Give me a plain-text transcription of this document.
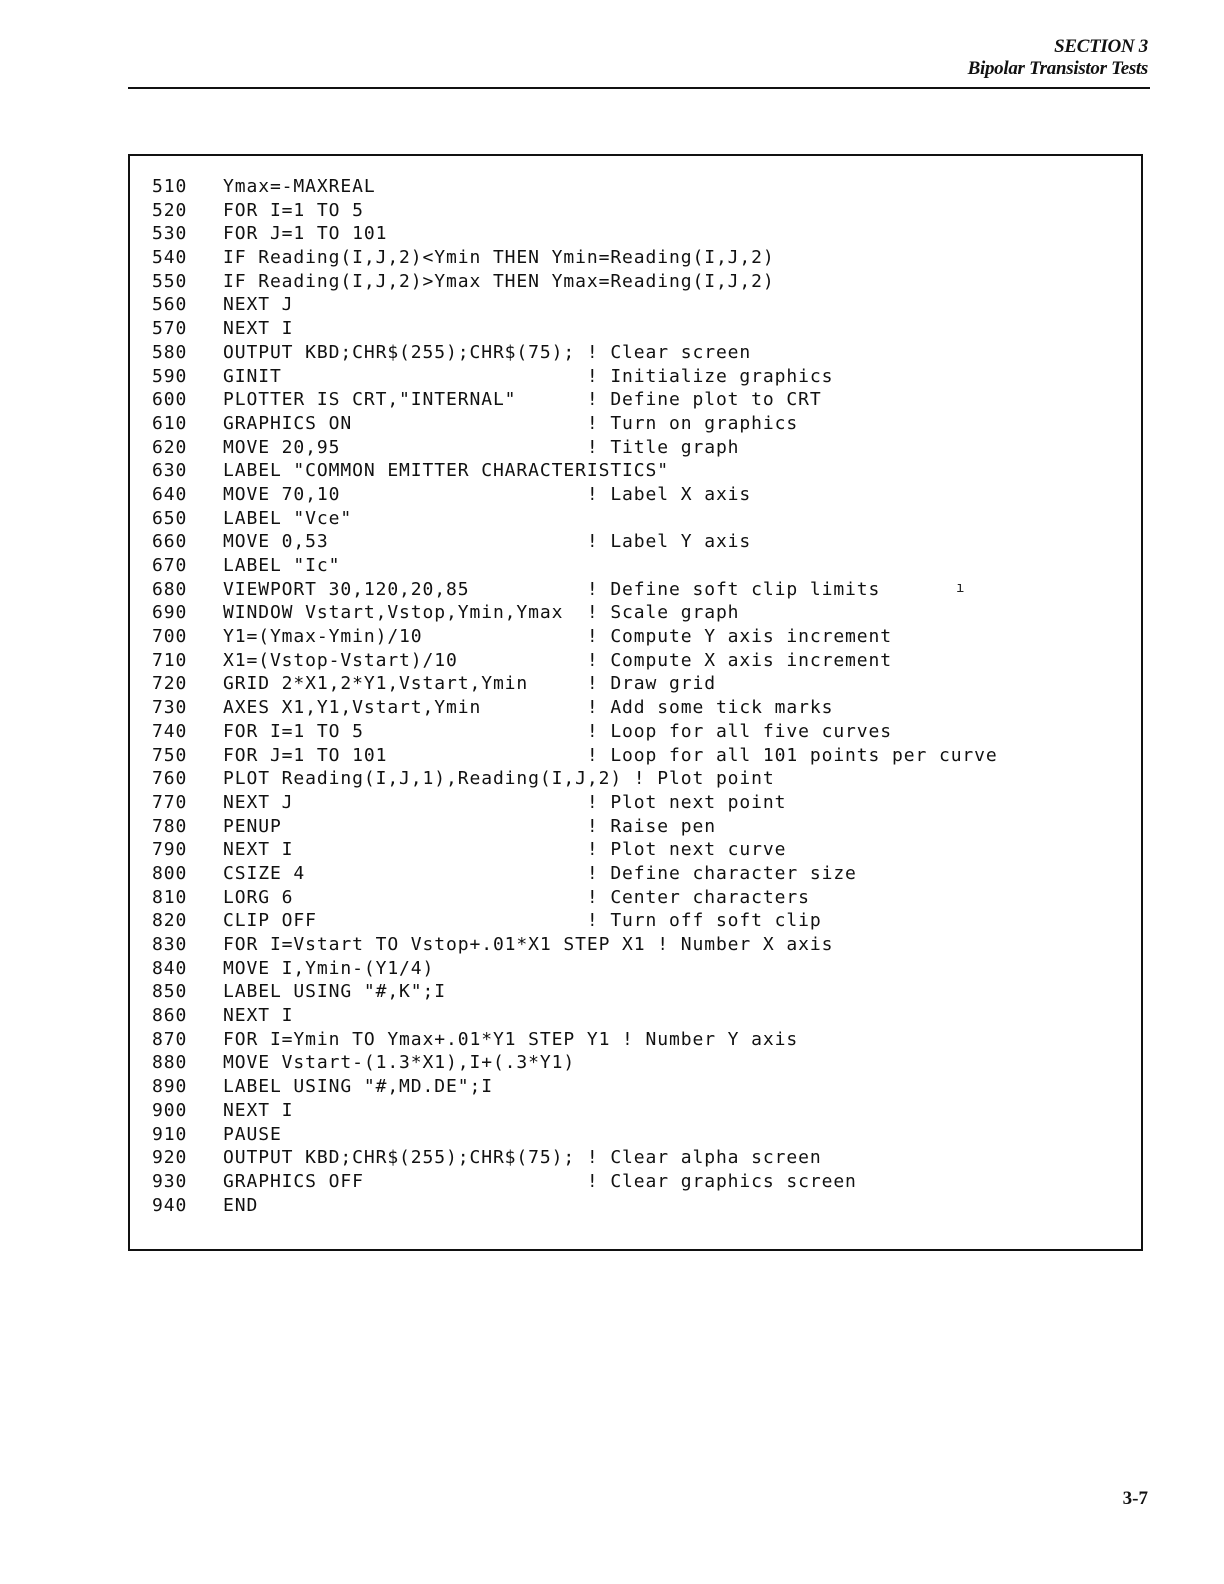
SECTION 3
Bipolar Transistor Tests
510 Ymax=-MAXREAL
520 FOR I=1 TO 5
530 FOR J=1 TO 101
540 IF Reading(I,J,2)<Ymin THEN Ymin=Reading(I,J,2)
550 IF Reading(I,J,2)>Ymax THEN Ymax=Reading(I,J,2)
560 NEXT J
570 NEXT I
580 OUTPUT KBD;CHR$(255);CHR$(75); ! Clear screen
590 GINIT                          ! Initialize graphics
600 PLOTTER IS CRT,"INTERNAL"      ! Define plot to CRT
610 GRAPHICS ON                    ! Turn on graphics
620 MOVE 20,95                     ! Title graph
630 LABEL "COMMON EMITTER CHARACTERISTICS"
640 MOVE 70,10                     ! Label X axis
650 LABEL "Vce"
660 MOVE 0,53                      ! Label Y axis
670 LABEL "Ic"
680 VIEWPORT 30,120,20,85          ! Define soft clip limits
690 WINDOW Vstart,Vstop,Ymin,Ymax  ! Scale graph
700 Y1=(Ymax-Ymin)/10              ! Compute Y axis increment
710 X1=(Vstop-Vstart)/10           ! Compute X axis increment
720 GRID 2*X1,2*Y1,Vstart,Ymin     ! Draw grid
730 AXES X1,Y1,Vstart,Ymin         ! Add some tick marks
740 FOR I=1 TO 5                   ! Loop for all five curves
750 FOR J=1 TO 101                 ! Loop for all 101 points per curve
760 PLOT Reading(I,J,1),Reading(I,J,2) ! Plot point
770 NEXT J                         ! Plot next point
780 PENUP                          ! Raise pen
790 NEXT I                         ! Plot next curve
800 CSIZE 4                        ! Define character size
810 LORG 6                         ! Center characters
820 CLIP OFF                       ! Turn off soft clip
830 FOR I=Vstart TO Vstop+.01*X1 STEP X1 ! Number X axis
840 MOVE I,Ymin-(Y1/4)
850 LABEL USING "#,K";I
860 NEXT I
870 FOR I=Ymin TO Ymax+.01*Y1 STEP Y1 ! Number Y axis
880 MOVE Vstart-(1.3*X1),I+(.3*Y1)
890 LABEL USING "#,MD.DE";I
900 NEXT I
910 PAUSE
920 OUTPUT KBD;CHR$(255);CHR$(75); ! Clear alpha screen
930 GRAPHICS OFF                   ! Clear graphics screen
940 END
ı
3-7
